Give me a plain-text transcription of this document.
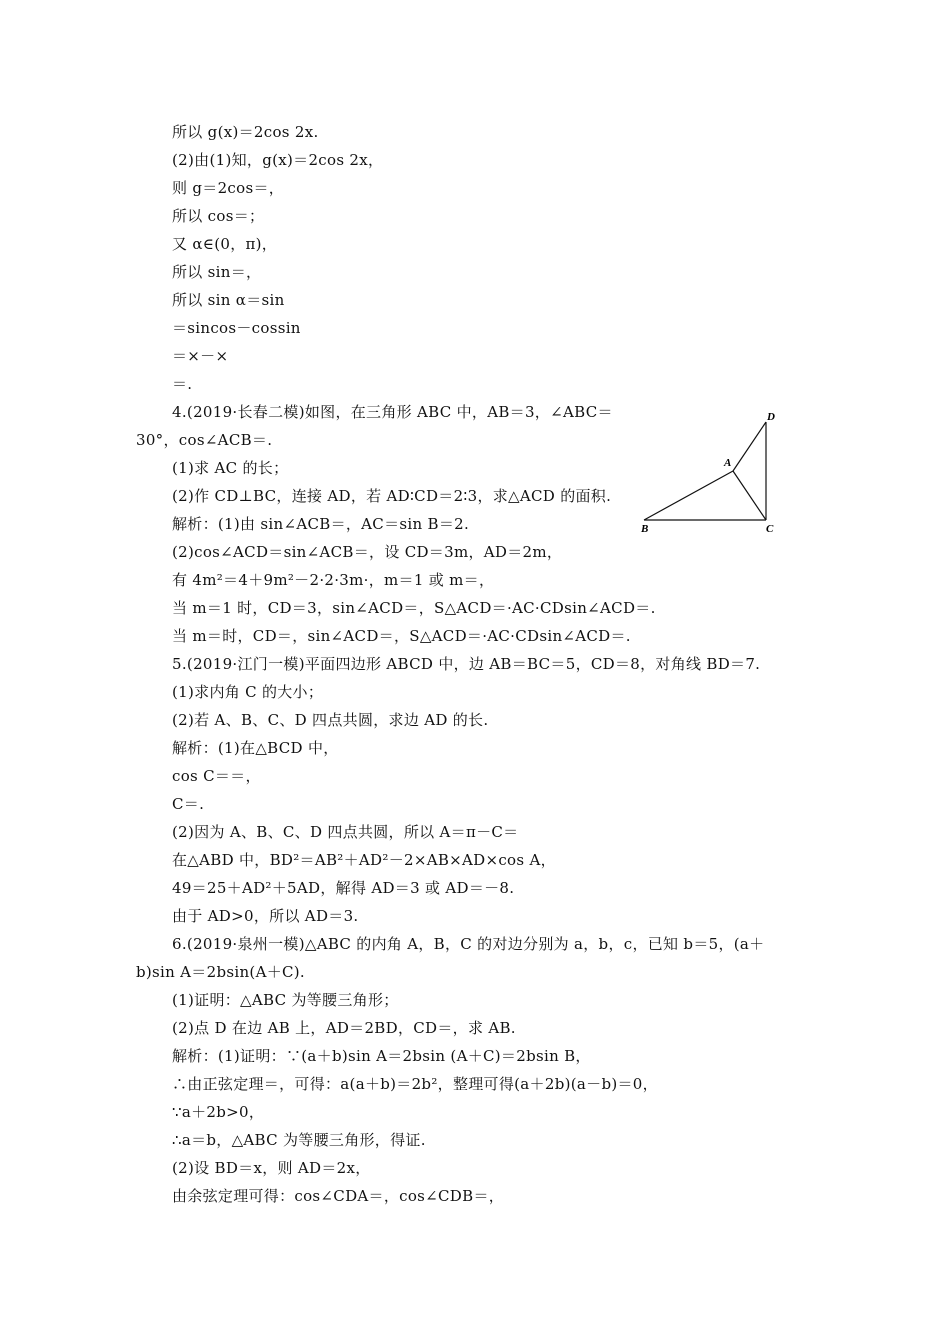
所以 g(x)＝2cos 2x.
(2)由(1)知，g(x)＝2cos 2x，
则 g＝2cos＝，
所以 cos＝；
又 α∈(0，π)，
所以 sin＝，
所以 sin α＝sin
＝sincos－cossin
＝×－×
＝.
4.(2019·长春二模)如图，在三角形 ABC 中，AB＝3，∠ABC＝
30°，cos∠ACB＝.
(1)求 AC 的长；
(2)作 CD⊥BC，连接 AD，若 AD∶CD＝2∶3，求△ACD 的面积.
解析：(1)由 sin∠ACB＝，AC＝sin B＝2.
(2)cos∠ACD＝sin∠ACB＝，设 CD＝3m，AD＝2m，
有 4m²＝4＋9m²－2·2·3m·，m＝1 或 m＝，
当 m＝1 时，CD＝3，sin∠ACD＝，S△ACD＝·AC·CDsin∠ACD＝.
当 m＝时，CD＝，sin∠ACD＝，S△ACD＝·AC·CDsin∠ACD＝.
5.(2019·江门一模)平面四边形 ABCD 中，边 AB＝BC＝5，CD＝8，对角线 BD＝7.
(1)求内角 C 的大小；
(2)若 A、B、C、D 四点共圆，求边 AD 的长.
解析：(1)在△BCD 中，
cos C＝＝，
C＝.
(2)因为 A、B、C、D 四点共圆，所以 A＝π－C＝
在△ABD 中，BD²＝AB²＋AD²－2×AB×AD×cos A，
49＝25＋AD²＋5AD，解得 AD＝3 或 AD＝－8.
由于 AD>0，所以 AD＝3.
6.(2019·泉州一模)△ABC 的内角 A，B，C 的对边分别为 a，b，c，已知 b＝5，(a＋
b)sin A＝2bsin(A＋C).
(1)证明：△ABC 为等腰三角形；
(2)点 D 在边 AB 上，AD＝2BD，CD＝，求 AB.
解析：(1)证明：∵(a＋b)sin A＝2bsin (A＋C)＝2bsin B，
∴由正弦定理＝，可得：a(a＋b)＝2b²，整理可得(a＋2b)(a－b)＝0，
∵a＋2b>0，
∴a＝b，△ABC 为等腰三角形，得证.
(2)设 BD＝x，则 AD＝2x，
由余弦定理可得：cos∠CDA＝，cos∠CDB＝，
A
B	C
D
